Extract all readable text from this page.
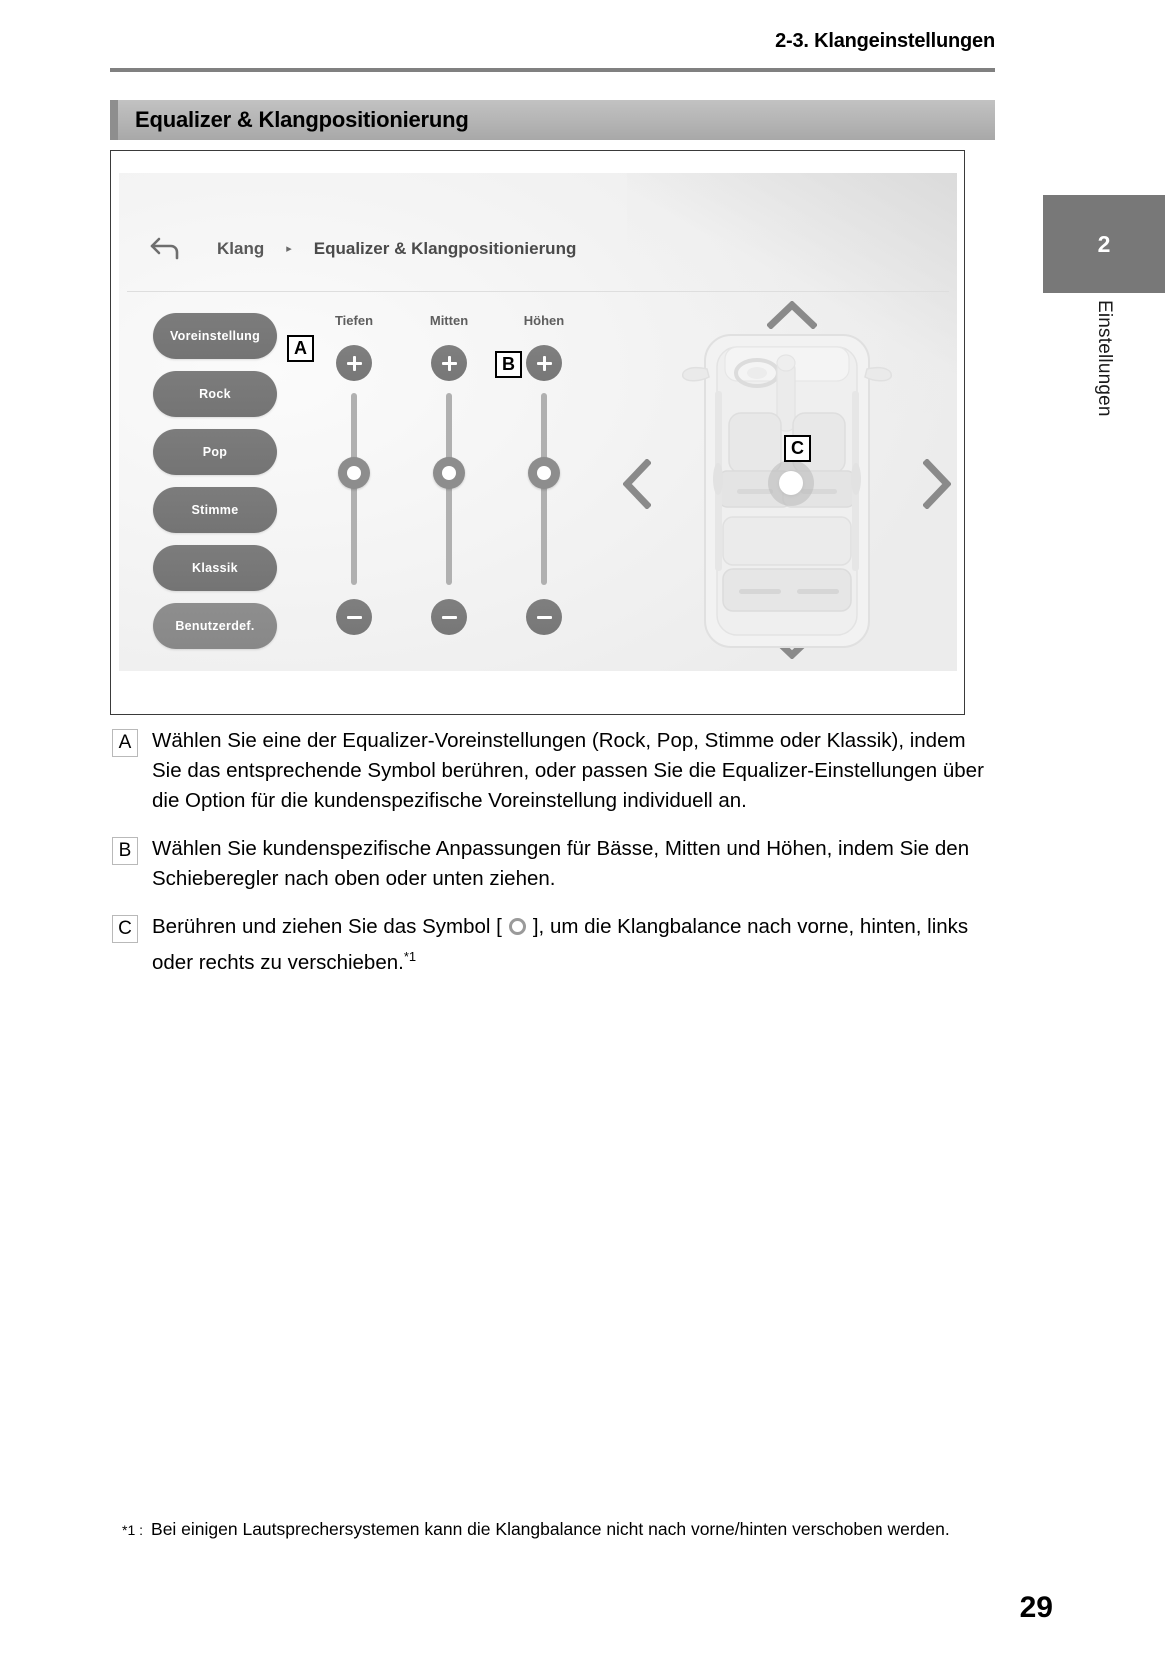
2-3. Klangeinstellungen
Equalizer & Klangpositionierung
Klang ▸ Equalizer & Klangpositionierung
Voreinstellung
Rock
Pop
Stimme
Klassik
Benutzerdef.
Tiefen	Mitten	Höhen
A
B
C
A	Wählen Sie eine der Equalizer-Voreinstellungen (Rock, Pop, Stimme oder Klassik), indem Sie das entsprechende Symbol berühren, oder passen Sie die Equalizer-Einstellungen über die Option für die kundenspezifische Voreinstellung individuell an.
B	Wählen Sie kundenspezifische Anpassungen für Bässe, Mitten und Höhen, indem Sie den Schieberegler nach oben oder unten ziehen.
C Berühren und ziehen Sie das Symbol [ ], um die Klangbalance nach vorne, hinten, links oder rechts zu verschieben.$^{*1}$
2
Einstellungen
*1 : Bei einigen Lautsprechersystemen kann die Klangbalance nicht nach vorne/hinten verschoben werden.
29
